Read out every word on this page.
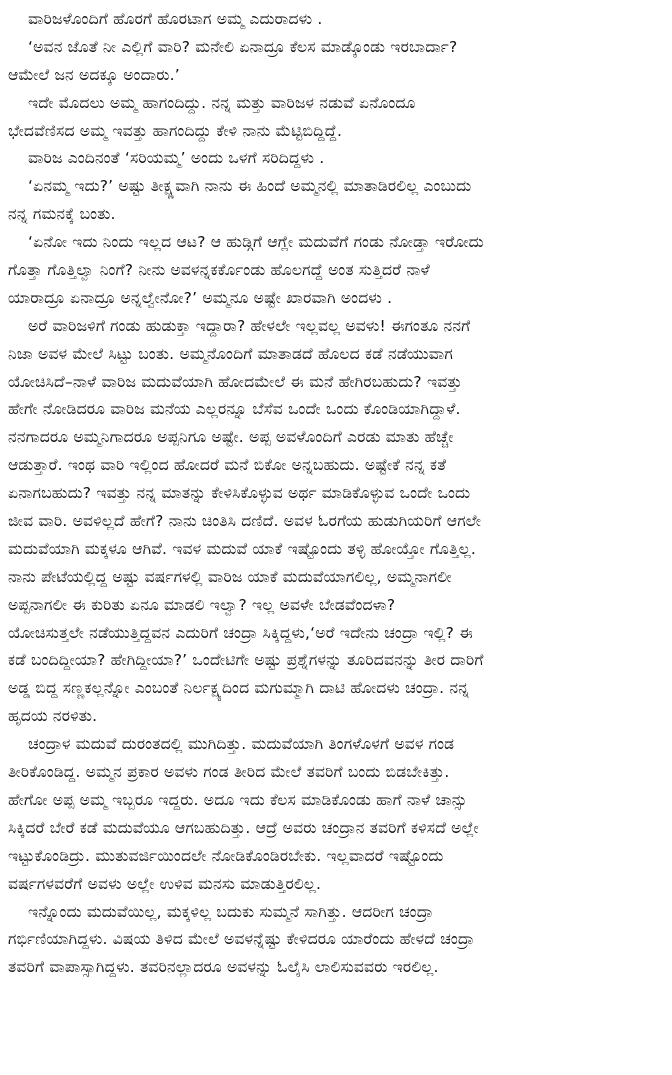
ವಾರಿಜಳೊಂದಿಗೆ ಹೊರಗೆ ಹೊರಟಾಗ ಅಮ್ಮ ಎದುರಾದಳು .
‘ಅವನ ಜೊತೆ ನೀ ಎಲ್ಲಿಗೆ ವಾರಿ? ಮನೇಲಿ ಏನಾದ್ರೂ ಕೆಲಸ ಮಾಡ್ಕೊಂಡು ಇರಬಾರ್ದಾ?
ಆಮೇಲೆ ಜನ ಅದಕ್ಕೂ ಅಂದಾರು.’
ಇದೇ ಮೊದಲು ಅಮ್ಮ ಹಾಗಂದಿದ್ದು. ನನ್ನ ಮತ್ತು ವಾರಿಜಳ ನಡುವೆ ಏನೊಂದೂ
ಭೇದವೆಣಿಸದ ಅಮ್ಮ ಇವತ್ತು ಹಾಗಂದಿದ್ದು ಕೇಳಿ ನಾನು ಮೆಟ್ಟಿಬಿದ್ದಿದ್ದೆ.
ವಾರಿಜ ಎಂದಿನಂತೆ ‘ಸರಿಯಮ್ಮ’ ಅಂದು ಒಳಗೆ ಸರಿದಿದ್ದಳು .
‘ಏನಮ್ಮ ಇದು?’ ಅಷ್ಟು ತೀಕ್ಷ್ಣವಾಗಿ ನಾನು ಈ ಹಿಂದೆ ಅಮ್ಮನಲ್ಲಿ ಮಾತಾಡಿರಲಿಲ್ಲ ಎಂಬುದು
ನನ್ನ ಗಮನಕ್ಕೆ ಬಂತು.
‘ಏನೋ ಇದು ನಿಂದು ಇಲ್ಲದ ಆಟ? ಆ ಹುಡ್ಗಿಗೆ ಆಗ್ಲೇ ಮದುವೆಗೆ ಗಂಡು ನೋಡ್ತಾ ಇರೋದು
ಗೊತ್ತಾ ಗೊತ್ತಿಲ್ವಾ ನಿಂಗೆ? ನೀನು ಅವಳನ್ನಕರ್ಕೊಂಡು ಹೊಲಗದ್ದೆ ಅಂತ ಸುತ್ತಿದರೆ ನಾಳೆ
ಯಾರಾದ್ರೂ ಏನಾದ್ರೂ ಅನ್ನಲ್ವೇನೋ?’ ಅಮ್ಮನೂ ಅಷ್ಟೇ ಖಾರವಾಗಿ ಅಂದಳು .
ಅರೆ ವಾರಿಜಳಿಗೆ ಗಂಡು ಹುಡುಕ್ತಾ ಇದ್ದಾರಾ? ಹೇಳಲೇ ಇಲ್ಲವಲ್ಲ ಅವಳು! ಈಗಂತೂ ನನಗೆ
ನಿಜಾ ಅವಳ ಮೇಲೆ ಸಿಟ್ಟು ಬಂತು. ಅಮ್ಮನೊಂದಿಗೆ ಮಾತಾಡದೆ ಹೊಲದ ಕಡೆ ನಡೆಯುವಾಗ
ಯೋಚಿಸಿದೆ–ನಾಳೆ ವಾರಿಜ ಮದುವೆಯಾಗಿ ಹೋದಮೇಲೆ ಈ ಮನೆ ಹೇಗಿರಬಹುದು? ಇವತ್ತು
ಹೇಗೇ ನೋಡಿದರೂ ವಾರಿಜ ಮನೆಯ ಎಲ್ಲರನ್ನೂ ಬೆಸೆವ ಒಂದೇ ಒಂದು ಕೊಂಡಿಯಾಗಿದ್ದಾಳೆ.
ನನಗಾದರೂ ಅಮ್ಮನಿಗಾದರೂ ಅಪ್ಪನಿಗೂ ಅಷ್ಟೇ. ಅಪ್ಪ ಅವಳೊಂದಿಗೆ ಎರಡು ಮಾತು ಹೆಚ್ಚೇ
ಆಡುತ್ತಾರೆ. ಇಂಥ ವಾರಿ ಇಲ್ಲಿಂದ ಹೋದರೆ ಮನೆ ಬಿಕೋ ಅನ್ನಬಹುದು. ಅಷ್ಟೇಕೆ ನನ್ನ ಕತೆ
ಏನಾಗಬಹುದು? ಇವತ್ತು ನನ್ನ ಮಾತನ್ನು ಕೇಳಿಸಿಕೊಳ್ಳುವ ಅರ್ಥ ಮಾಡಿಕೊಳ್ಳುವ ಒಂದೇ ಒಂದು
ಜೀವ ವಾರಿ. ಅವಳಿಲ್ಲದೆ ಹೇಗೆ? ನಾನು ಚಿಂತಿಸಿ ದಣಿದೆ. ಅವಳ ಓರಗೆಯ ಹುಡುಗಿಯರಿಗೆ ಆಗಲೇ
ಮದುವೆಯಾಗಿ ಮಕ್ಕಳೂ ಆಗಿವೆ. ಇವಳ ಮದುವೆ ಯಾಕೆ ಇಷ್ಟೊಂದು ತಳ್ಳಿ ಹೋಯ್ತೋ ಗೊತ್ತಿಲ್ಲ.
ನಾನು ಪೇಟೆಯಲ್ಲಿದ್ದ ಅಷ್ಟು ವರ್ಷಗಳಲ್ಲಿ ವಾರಿಜ ಯಾಕೆ ಮದುವೆಯಾಗಲಿಲ್ಲ, ಅಮ್ಮನಾಗಲೀ
ಅಪ್ಪನಾಗಲೀ ಈ ಕುರಿತು ಏನೂ ಮಾಡಲಿ ಇಲ್ವಾ? ಇಲ್ಲ ಅವಳೇ ಬೇಡವೆಂದಳಾ?
ಯೋಚಿಸುತ್ತಲೇ ನಡೆಯುತ್ತಿದ್ದವನ ಎದುರಿಗೆ ಚಂದ್ರಾ ಸಿಕ್ಕಿದ್ದಳು,‘ಅರೆ ಇದೇನು ಚಂದ್ರಾ ಇಲ್ಲಿ? ಈ
ಕಡೆ ಬಂದಿದ್ದೀಯಾ? ಹೇಗಿದ್ದೀಯಾ?’ ಒಂದೇಟಿಗೇ ಅಷ್ಟು ಪ್ರಶ್ನೆಗಳನ್ನು ತೂರಿದವನನ್ನು ತೀರ ದಾರಿಗೆ
ಅಡ್ಡ ಬಿದ್ದ ಸಣ್ಣಕಲ್ಲನ್ನೋ ಎಂಬಂತೆ ನಿರ್ಲಕ್ಷ್ಯದಿಂದ ಮಗುಮ್ಮಾಗಿ ದಾಟಿ ಹೋದಳು ಚಂದ್ರಾ. ನನ್ನ
ಹೃದಯ ನರಳಿತು.
ಚಂದ್ರಾಳ ಮದುವೆ ದುರಂತದಲ್ಲಿ ಮುಗಿದಿತ್ತು. ಮದುವೆಯಾಗಿ ತಿಂಗಳೊಳಗೆ ಅವಳ ಗಂಡ
ತೀರಿಕೊಂಡಿದ್ದ. ಅಮ್ಮನ ಪ್ರಕಾರ ಅವಳು ಗಂಡ ತೀರಿದ ಮೇಲೆ ತವರಿಗೆ ಬಂದು ಬಿಡಬೇಕಿತ್ತು.
ಹೇಗೋ ಅಪ್ಪ ಅಮ್ಮ ಇಬ್ಬರೂ ಇದ್ದರು. ಅದೂ ಇದು ಕೆಲಸ ಮಾಡಿಕೊಂಡು ಹಾಗೆ ನಾಳೆ ಚಾನ್ಸು
ಸಿಕ್ಕಿದರೆ ಬೇರೆ ಕಡೆ ಮದುವೆಯೂ ಆಗಬಹುದಿತ್ತು. ಆದ್ರೆ ಅವರು ಚಂದ್ರಾನ ತವರಿಗೆ ಕಳಿಸದೆ ಅಲ್ಲೇ
ಇಟ್ಟುಕೊಂಡಿದ್ರು. ಮುತುವರ್ಜಿಯಿಂದಲೇ ನೋಡಿಕೊಂಡಿರಬೇಕು. ಇಲ್ಲವಾದರೆ ಇಷ್ಟೊಂದು
ವರ್ಷಗಳವರೆಗೆ ಅವಳು ಅಲ್ಲೇ ಉಳಿವ ಮನಸು ಮಾಡುತ್ತಿರಲಿಲ್ಲ.
ಇನ್ನೊಂದು ಮದುವೆಯಿಲ್ಲ, ಮಕ್ಕಳಿಲ್ಲ ಬದುಕು ಸುಮ್ಮನೆ ಸಾಗಿತ್ತು. ಆದರೀಗ ಚಂದ್ರಾ
ಗರ್ಭಿಣಿಯಾಗಿದ್ದಳು. ವಿಷಯ ತಿಳಿದ ಮೇಲೆ ಅವಳನ್ನೆಷ್ಟು ಕೇಳಿದರೂ ಯಾರೆಂದು ಹೇಳದೆ ಚಂದ್ರಾ
ತವರಿಗೆ ವಾಪಾಸ್ಸಾಗಿದ್ದಳು. ತವರಿನಲ್ಲಾದರೂ ಅವಳನ್ನು ಓಲೈಸಿ ಲಾಲಿಸುವವರು ಇರಲಿಲ್ಲ.
